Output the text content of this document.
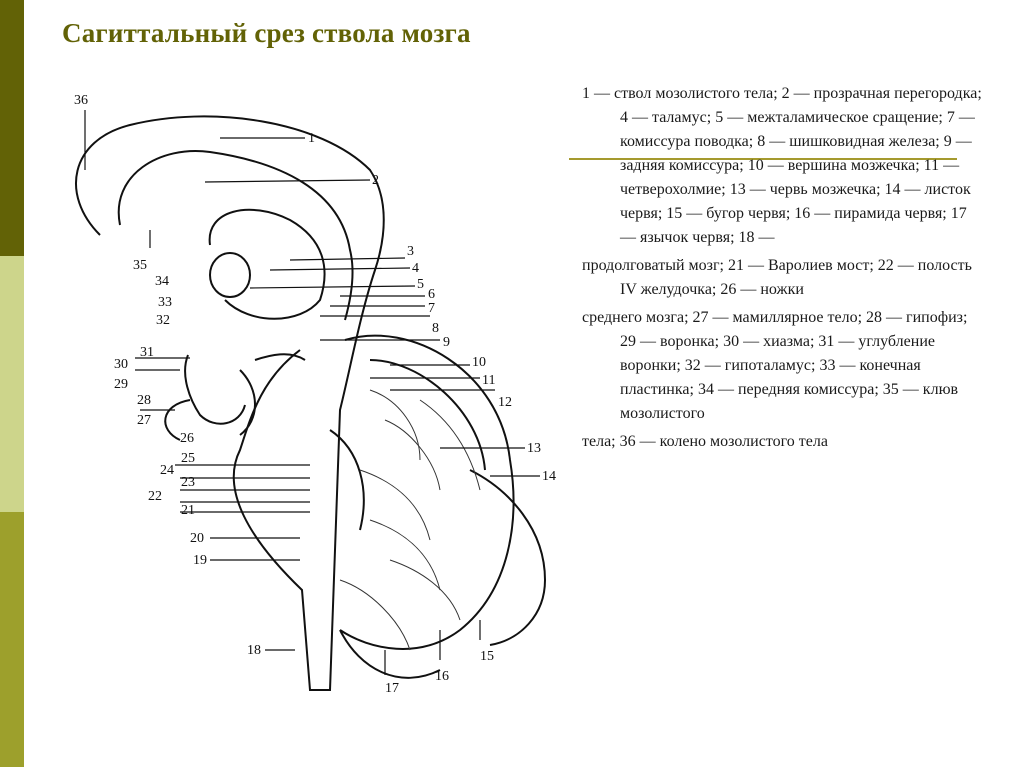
Сагиттальный срез ствола мозга
1
2
3
4
5
6
7
8
9
10
11
12
13
14
15
16
17
18
19
20
21
22
23
24
25
26
27
28
29
30
31
32
33
34
35
36	1 — ствол мозолистого тела; 2 — прозрачная перегородка; 4 — таламус; 5 — межталамическое сращение; 7 — комиссура поводка; 8 — шишковидная железа; 9 — задняя комиссура; 10 — вершина мозжечка; 11 — четверохолмие; 13 — червь мозжечка; 14 — листок червя; 15 — бугор червя; 16 — пирамида червя; 17 — язычок червя; 18 —

продолговатый мозг; 21 — Варолиев мост; 22 — полость IV желудочка; 26 — ножки

среднего мозга; 27 — мамиллярное тело; 28 — гипофиз; 29 — воронка; 30 — хиазма; 31 — углубление воронки; 32 — гипоталамус; 33 — конечная пластинка; 34 — передняя комиссура; 35 — клюв мозолистого

тела; 36 — колено мозолистого тела
